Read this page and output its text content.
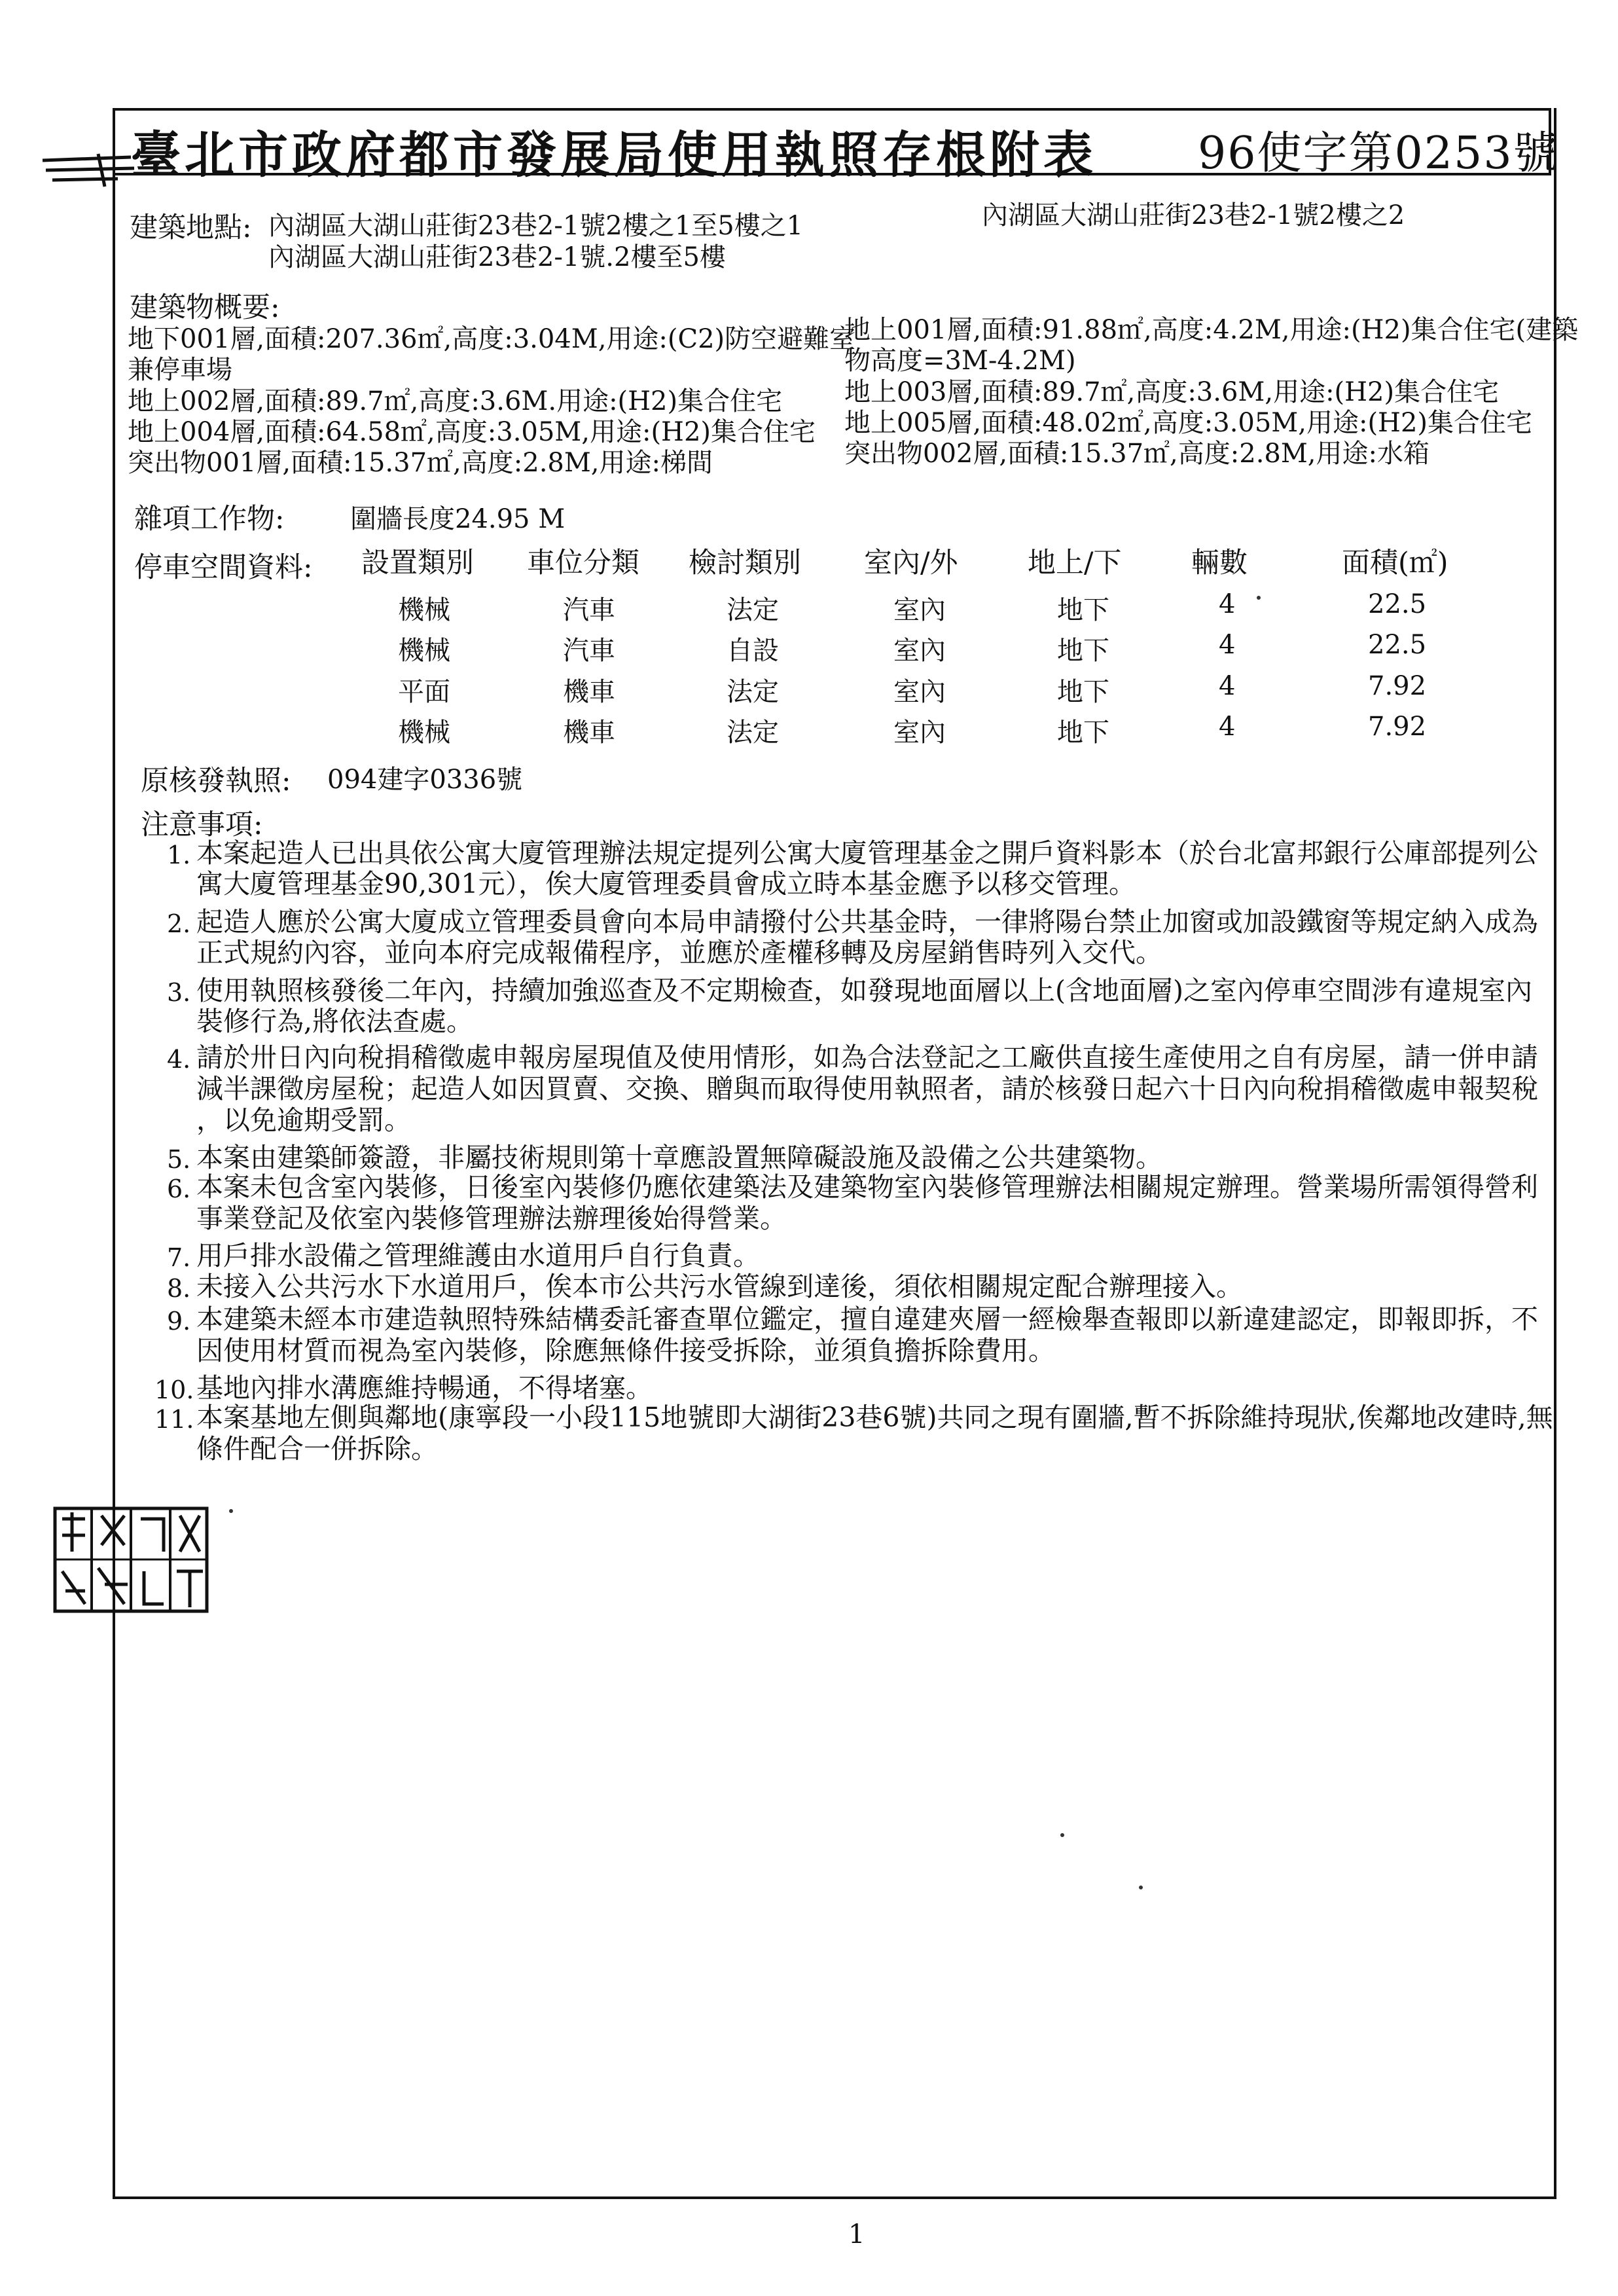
臺北市政府都市發展局使用執照存根附表 96使字第0253號
建築地點: 內湖區大湖山莊街23巷2-1號2樓之1至5樓之1	內湖區大湖山莊街23巷2-1號2樓之2
內湖區大湖山莊街23巷2-1號.2樓至5樓
建築物概要:
地下001層,面積:207.36㎡,高度:3.04M,用途:(C2)防空避難室
兼停車場
地上002層,面積:89.7㎡,高度:3.6M.用途:(H2)集合住宅
地上004層,面積:64.58㎡,高度:3.05M,用途:(H2)集合住宅
突出物001層,面積:15.37㎡,高度:2.8M,用途:梯間
地上001層,面積:91.88㎡,高度:4.2M,用途:(H2)集合住宅(建築
物高度=3M-4.2M)
地上003層,面積:89.7㎡,高度:3.6M,用途:(H2)集合住宅
地上005層,面積:48.02㎡,高度:3.05M,用途:(H2)集合住宅
突出物002層,面積:15.37㎡,高度:2.8M,用途:水箱
雜項工作物:	圍牆長度24.95 M
停車空間資料: 設置類別 車位分類 檢討類別 室內/外 地上/下 輛數	面積(㎡)
機械	汽車	法定	室內	地下	4	22.5
機械	汽車	自設	室內	地下	4	22.5
平面	機車	法定	室內	地下	4	7.92
機械	機車	法定	室內	地下	4	7.92
原核發執照: 094建字0336號
注意事項:
1. 本案起造人已出具依公寓大廈管理辦法規定提列公寓大廈管理基金之開戶資料影本（於台北富邦銀行公庫部提列公
寓大廈管理基金90,301元），俟大廈管理委員會成立時本基金應予以移交管理。
2. 起造人應於公寓大廈成立管理委員會向本局申請撥付公共基金時，一律將陽台禁止加窗或加設鐵窗等規定納入成為
正式規約內容，並向本府完成報備程序，並應於產權移轉及房屋銷售時列入交代。
3. 使用執照核發後二年內，持續加強巡查及不定期檢查，如發現地面層以上(含地面層)之室內停車空間涉有違規室內
裝修行為,將依法查處。
4. 請於卅日內向稅捐稽徵處申報房屋現值及使用情形，如為合法登記之工廠供直接生產使用之自有房屋，請一併申請
減半課徵房屋稅；起造人如因買賣、交換、贈與而取得使用執照者，請於核發日起六十日內向稅捐稽徵處申報契稅
，以免逾期受罰。
5. 本案由建築師簽證，非屬技術規則第十章應設置無障礙設施及設備之公共建築物。
6. 本案未包含室內裝修，日後室內裝修仍應依建築法及建築物室內裝修管理辦法相關規定辦理。營業場所需領得營利
事業登記及依室內裝修管理辦法辦理後始得營業。
7. 用戶排水設備之管理維護由水道用戶自行負責。
8. 未接入公共污水下水道用戶，俟本市公共污水管線到達後，須依相關規定配合辦理接入。
9. 本建築未經本市建造執照特殊結構委託審查單位鑑定，擅自違建夾層一經檢舉查報即以新違建認定，即報即拆，不
因使用材質而視為室內裝修，除應無條件接受拆除，並須負擔拆除費用。
10. 基地內排水溝應維持暢通，不得堵塞。
11. 本案基地左側與鄰地(康寧段一小段115地號即大湖街23巷6號)共同之現有圍牆,暫不拆除維持現狀,俟鄰地改建時,無
條件配合一併拆除。
1
